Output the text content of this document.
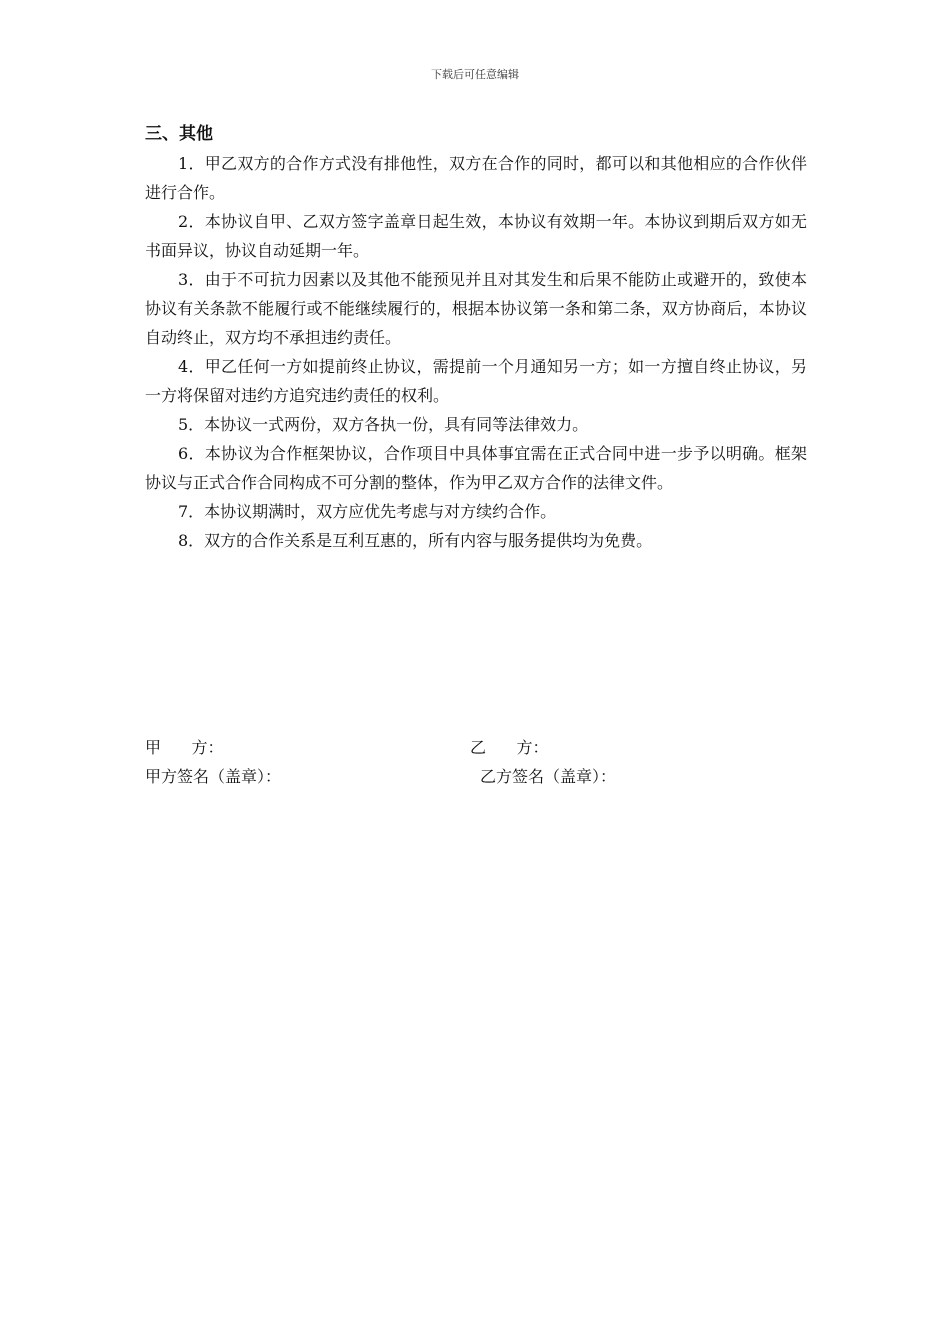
下载后可任意编辑

三、其他

1．甲乙双方的合作方式没有排他性，双方在合作的同时，都可以和其他相应的合作伙伴进行合作。

2．本协议自甲、乙双方签字盖章日起生效，本协议有效期一年。本协议到期后双方如无书面异议，协议自动延期一年。

3．由于不可抗力因素以及其他不能预见并且对其发生和后果不能防止或避开的，致使本协议有关条款不能履行或不能继续履行的，根据本协议第一条和第二条，双方协商后，本协议自动终止，双方均不承担违约责任。

4．甲乙任何一方如提前终止协议，需提前一个月通知另一方；如一方擅自终止协议，另一方将保留对违约方追究违约责任的权利。

5．本协议一式两份，双方各执一份，具有同等法律效力。

6．本协议为合作框架协议，合作项目中具体事宜需在正式合同中进一步予以明确。框架协议与正式合作合同构成不可分割的整体，作为甲乙双方合作的法律文件。

7．本协议期满时，双方应优先考虑与对方续约合作。

8．双方的合作关系是互利互惠的，所有内容与服务提供均为免费。

甲      方：	乙      方：
甲方签名（盖章）：	乙方签名（盖章）：
